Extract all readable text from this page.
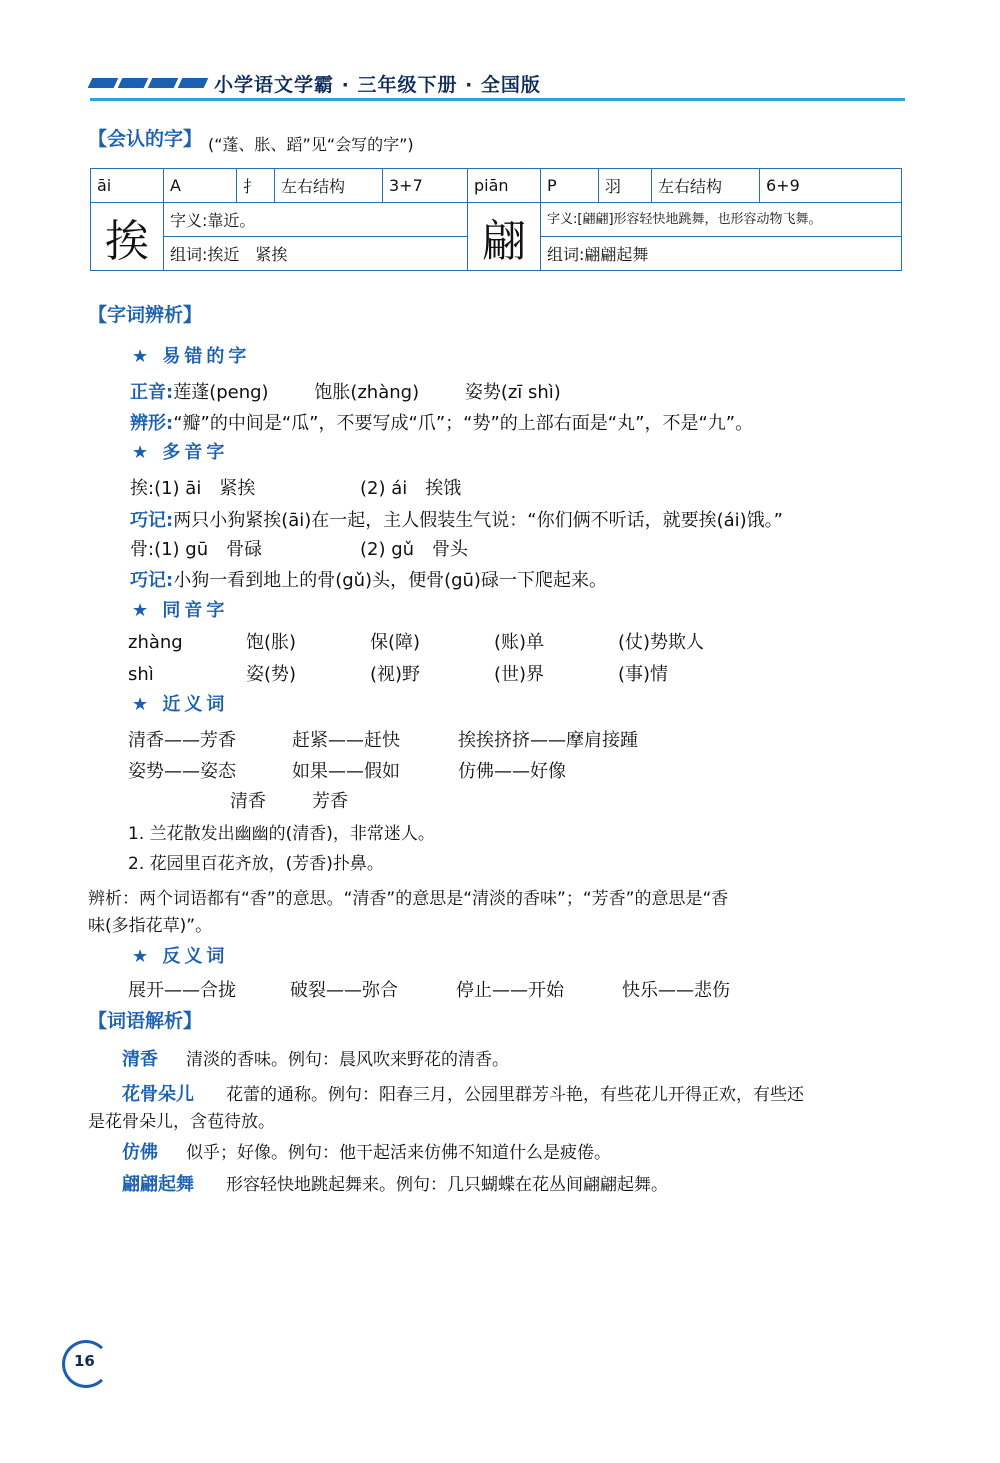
小学语文学霸 · 三年级下册 · 全国版
【会认的字】 (“蓬、胀、蹈”见“会写的字”)
āi	A	扌	左右结构	3+7	piān	P	羽	左右结构	6+9
挨	字义:靠近。				翩	字义:[翩翩]形容轻快地跳舞，也形容动物飞舞。			
	组词:挨近　紧挨					组词:翩翩起舞			
【字词辨析】
★ 易错的字
正音:莲蓬(peng)	饱胀(zhàng)	姿势(zī shì)
辨形:“瓣”的中间是“瓜”，不要写成“爪”；“势”的上部右面是“丸”，不是“九”。
★ 多音字
挨:(1) āi　紧挨	(2) ái　挨饿
巧记:两只小狗紧挨(āi)在一起，主人假装生气说：“你们俩不听话，就要挨(ái)饿。”
骨:(1) gū　骨碌	(2) gǔ　骨头
巧记:小狗一看到地上的骨(gǔ)头，便骨(gū)碌一下爬起来。
★ 同音字
zhàng	饱(胀)	保(障)	(账)单	(仗)势欺人
shì	姿(势)	(视)野	(世)界	(事)情
★ 近义词
清香——芳香	赶紧——赶快	挨挨挤挤——摩肩接踵
姿势——姿态	如果——假如	仿佛——好像
清香	芳香
1. 兰花散发出幽幽的(清香)，非常迷人。
2. 花园里百花齐放，(芳香)扑鼻。
辨析：两个词语都有“香”的意思。“清香”的意思是“清淡的香味”；“芳香”的意思是“香
味(多指花草)”。
★ 反义词
展开——合拢	破裂——弥合	停止——开始	快乐——悲伤
【词语解析】
清香 清淡的香味。例句：晨风吹来野花的清香。
花骨朵儿 花蕾的通称。例句：阳春三月，公园里群芳斗艳，有些花儿开得正欢，有些还
是花骨朵儿，含苞待放。
仿佛 似乎；好像。例句：他干起活来仿佛不知道什么是疲倦。
翩翩起舞 形容轻快地跳起舞来。例句：几只蝴蝶在花丛间翩翩起舞。
16
